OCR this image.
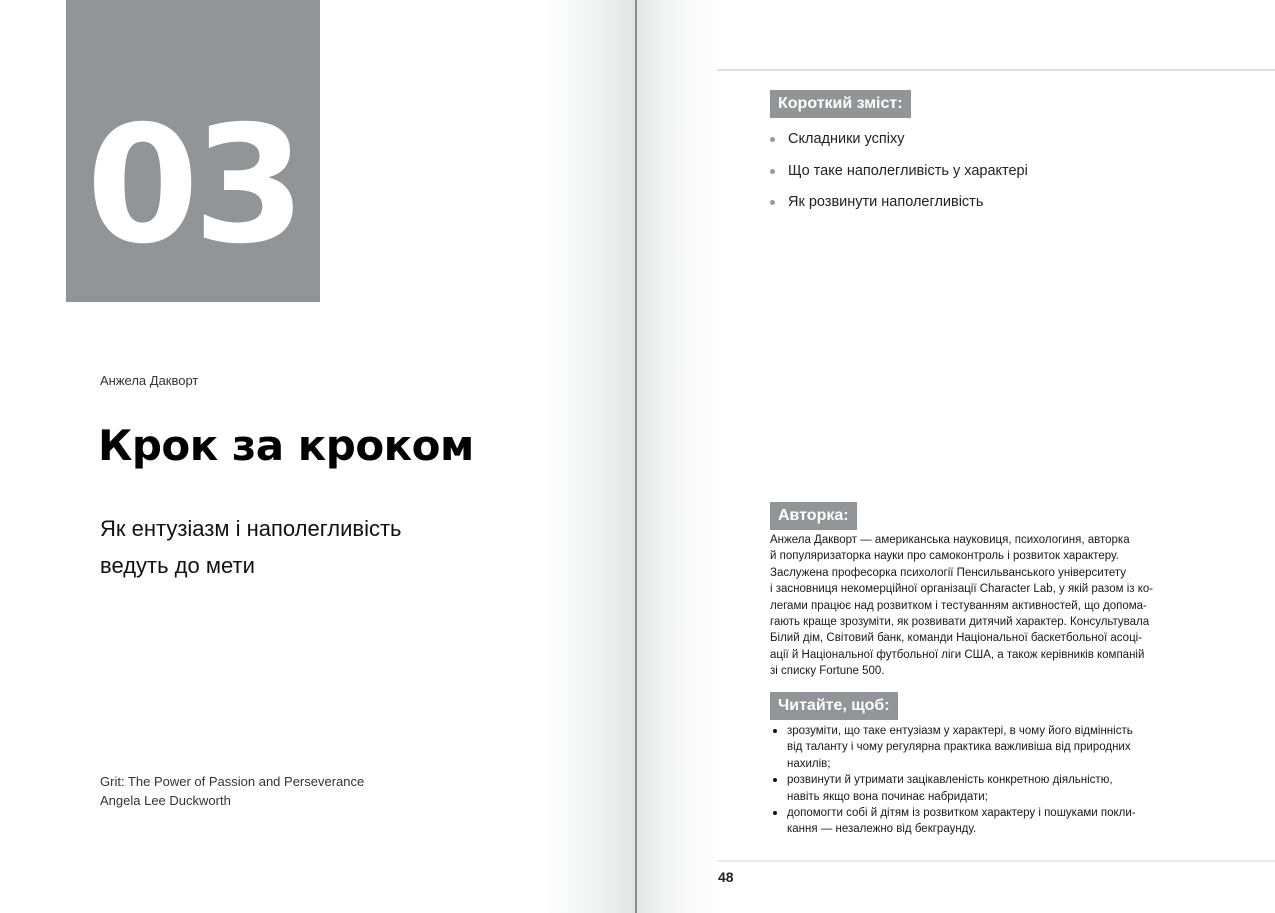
03
Анжела Дакворт
Крок за кроком
Як ентузіазм і наполегливість
ведуть до мети
Grit: The Power of Passion and Perseverance
Angela Lee Duckworth
Короткий зміст:
Складники успіху
Що таке наполегливість у характері
Як розвинути наполегливість
Авторка:
Анжела Дакворт — американська науковиця, психологиня, авторка
й популяризаторка науки про самоконтроль і розвиток характеру.
Заслужена професорка психології Пенсильванського університету
і засновниця некомерційної організації Character Lab, у якій разом із ко-
легами працює над розвитком і тестуванням активностей, що допома-
гають краще зрозуміти, як розвивати дитячий характер. Консультувала
Білий дім, Світовий банк, команди Національної баскетбольної асоці-
ації й Національної футбольної ліги США, а також керівників компаній
зі списку Fortune 500.
Читайте, щоб:
зрозуміти, що таке ентузіазм у характері, в чому його відмінність
від таланту і чому регулярна практика важливіша від природних
нахилів;
розвинути й утримати зацікавленість конкретною діяльністю,
навіть якщо вона починає набридати;
допомогти собі й дітям із розвитком характеру і пошуками покли-
кання — незалежно від бекграунду.
48
